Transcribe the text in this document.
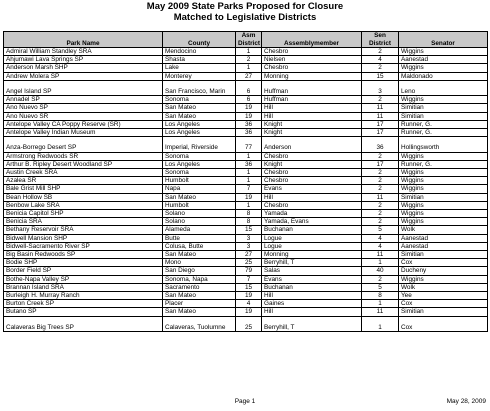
May 2009 State Parks Proposed for Closure
Matched to Legislative Districts
Park Name	County	Asm District	Assemblymember	Sen District	Senator
Admiral William Standley SRA	Mendocino	1	Chesbro	2	Wiggins
Ahjumawi Lava Springs SP	Shasta	2	Nielsen	4	Aanestad
Anderson Marsh SHP	Lake	1	Chesbro	2	Wiggins
Andrew Molera SP	Monterey	27	Monning	15	Maldonado
Angel Island SP	San Francisco, Marin	6	Huffman	3	Leno
Annadel SP	Sonoma	6	Huffman	2	Wiggins
Ano Nuevo SP	San Mateo	19	Hill	11	Simitian
Ano Nuevo SR	San Mateo	19	Hill	11	Simitian
Antelope Valley CA Poppy Reserve (SR)	Los Angeles	36	Knight	17	Runner, G.
Antelope Valley Indian Museum	Los Angeles	36	Knight	17	Runner, G.
Anza-Borrego Desert SP	Imperial, Riverside	77	Anderson	36	Hollingsworth
Armstrong Redwoods SR	Sonoma	1	Chesbro	2	Wiggins
Arthur B. Ripley Desert Woodland SP	Los Angeles	36	Knight	17	Runner, G.
Austin Creek SRA	Sonoma	1	Chesbro	2	Wiggins
Azalea SR	Humbolt	1	Chesbro	2	Wiggins
Bale Grist Mill SHP	Napa	7	Evans	2	Wiggins
Bean Hollow SB	San Mateo	19	Hill	11	Simitian
Benbow Lake SRA	Humbolt	1	Chesbro	2	Wiggins
Benicia Capitol SHP	Solano	8	Yamada	2	Wiggins
Benicia SRA	Solano	8	Yamada, Evans	2	Wiggins
Bethany Reservoir SRA	Alameda	15	Buchanan	5	Wolk
Bidwell Mansion SHP	Butte	3	Logue	4	Aanestad
Bidwell-Sacramento River SP	Colusa, Butte	3	Logue	4	Aanestad
Big Basin Redwoods SP	San Mateo	27	Monning	11	Simitian
Bodie SHP	Mono	25	Berryhill, T	1	Cox
Border Field SP	San Diego	79	Salas	40	Ducheny
Bothe-Napa Valley SP	Sonoma, Napa	7	Evans	2	Wiggins
Brannan Island SRA	Sacramento	15	Buchanan	5	Wolk
Burleigh H. Murray Ranch	San Mateo	19	Hill	8	Yee
Burton Creek SP	Placer	4	Gaines	1	Cox
Butano SP	San Mateo	19	Hill	11	Simitian
Calaveras Big Trees SP	Calaveras, Tuolumne	25	Berryhill, T	1	Cox
Page 1	May 28, 2009
